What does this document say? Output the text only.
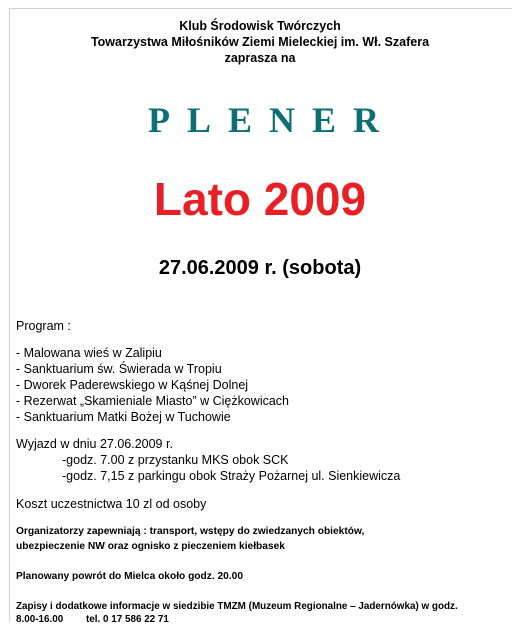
Klub Środowisk Twórczych
Towarzystwa Miłośników Ziemi Mieleckiej im. Wł. Szafera
zaprasza na
PLENER
Lato 2009
27.06.2009 r. (sobota)
Program :
- Malowana wieś w Zalipiu
- Sanktuarium św. Świerada w Tropiu
- Dworek Paderewskiego w Kąśnej Dolnej
- Rezerwat „Skamieniale Miasto” w Ciężkowicach
- Sanktuarium Matki Bożej w Tuchowie
Wyjazd w dniu 27.06.2009 r.
-godz. 7.00 z przystanku MKS obok SCK
-godz. 7,15 z parkingu obok Straży Pożarnej ul. Sienkiewicza
Koszt uczestnictwa 10 zl od osoby
Organizatorzy zapewniają : transport, wstępy do zwiedzanych obiektów,
ubezpieczenie NW oraz ognisko z pieczeniem kiełbasek
Planowany powrót do Mielca około godz. 20.00
Zapisy i dodatkowe informacje w siedzibie TMZM (Muzeum Regionalne – Jadernówka) w godz.
8.00-16.00 tel. 0 17 586 22 71
